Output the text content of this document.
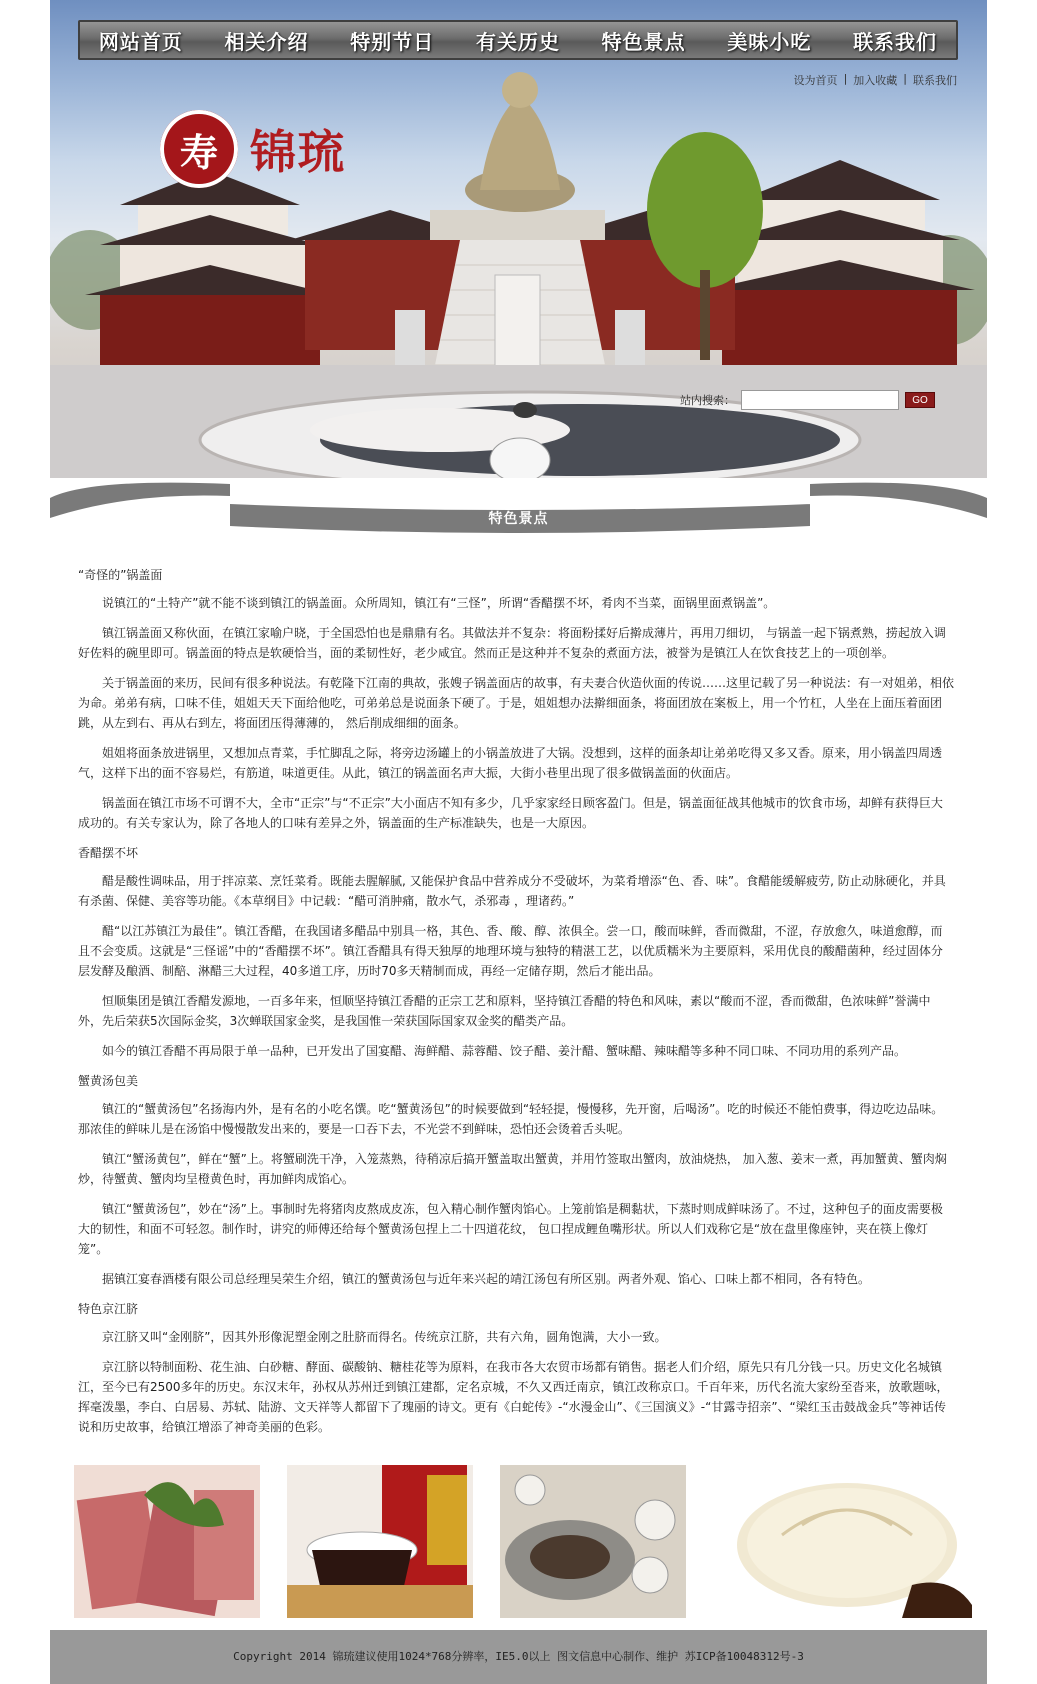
网站首页	相关介绍	特别节日	有关历史	特色景点	美味小吃	联系我们
设为首页 | 加入收藏 | 联系我们
寿 锦琉
站内搜索：	GO
特色景点
“奇怪的”锅盖面

说镇江的“土特产”就不能不谈到镇江的锅盖面。众所周知，镇江有“三怪”，所谓“香醋摆不坏，肴肉不当菜，面锅里面煮锅盖”。

镇江锅盖面又称伙面，在镇江家喻户晓，于全国恐怕也是鼎鼎有名。其做法并不复杂：将面粉揉好后擀成薄片，再用刀细切， 与锅盖一起下锅煮熟，捞起放入调好佐料的碗里即可。锅盖面的特点是软硬恰当，面的柔韧性好，老少咸宜。然而正是这种并不复杂的煮面方法，被誉为是镇江人在饮食技艺上的一项创举。

关于锅盖面的来历，民间有很多种说法。有乾隆下江南的典故，张嫂子锅盖面店的故事，有夫妻合伙造伙面的传说……这里记载了另一种说法：有一对姐弟，相依为命。弟弟有病，口味不佳，姐姐天天下面给他吃，可弟弟总是说面条下硬了。于是，姐姐想办法擀细面条，将面团放在案板上，用一个竹杠，人坐在上面压着面团跳，从左到右、再从右到左，将面团压得薄薄的， 然后削成细细的面条。

姐姐将面条放进锅里，又想加点青菜，手忙脚乱之际，将旁边汤罐上的小锅盖放进了大锅。没想到，这样的面条却让弟弟吃得又多又香。原来，用小锅盖四周透气，这样下出的面不容易烂，有筋道，味道更佳。从此，镇江的锅盖面名声大振，大街小巷里出现了很多做锅盖面的伙面店。

锅盖面在镇江市场不可谓不大，全市“正宗”与“不正宗”大小面店不知有多少，几乎家家经日顾客盈门。但是，锅盖面征战其他城市的饮食市场，却鲜有获得巨大成功的。有关专家认为，除了各地人的口味有差异之外，锅盖面的生产标准缺失，也是一大原因。

香醋摆不坏

醋是酸性调味品，用于拌凉菜、烹饪菜肴。既能去腥解腻, 又能保护食品中营养成分不受破坏，为菜肴增添“色、香、味”。食醋能缓解疲劳, 防止动脉硬化，并具有杀菌、保健、美容等功能。《本草纲目》中记载：“醋可消肿痛，散水气，杀邪毒 ，理诸药。”

醋“以江苏镇江为最佳”。镇江香醋，在我国诸多醋品中别具一格，其色、香、酸、醇、浓俱全。尝一口，酸而味鲜，香而微甜，不涩，存放愈久，味道愈醇，而且不会变质。这就是“三怪谣”中的“香醋摆不坏”。镇江香醋具有得天独厚的地理环境与独特的精湛工艺，以优质糯米为主要原料，采用优良的酸醋菌种，经过固体分层发酵及酿酒、制醅、淋醋三大过程，40多道工序，历时70多天精制而成，再经一定储存期，然后才能出品。

恒顺集团是镇江香醋发源地，一百多年来，恒顺坚持镇江香醋的正宗工艺和原料，坚持镇江香醋的特色和风味，素以“酸而不涩，香而微甜，色浓味鲜”誉满中外，先后荣获5次国际金奖，3次蝉联国家金奖，是我国惟一荣获国际国家双金奖的醋类产品。

如今的镇江香醋不再局限于单一品种，已开发出了国宴醋、海鲜醋、蒜蓉醋、饺子醋、姜汁醋、蟹味醋、辣味醋等多种不同口味、不同功用的系列产品。

蟹黄汤包美

镇江的“蟹黄汤包”名扬海内外，是有名的小吃名馔。吃“蟹黄汤包”的时候要做到“轻轻提，慢慢移，先开窗，后喝汤”。吃的时候还不能怕费事，得边吃边品味。那浓佳的鲜味儿是在汤馅中慢慢散发出来的，要是一口吞下去，不光尝不到鲜味，恐怕还会烫着舌头呢。

镇江“蟹汤黄包”，鲜在“蟹”上。将蟹刷洗干净，入笼蒸熟，待稍凉后搞开蟹盖取出蟹黄，并用竹签取出蟹肉，放油烧热， 加入葱、姜末一煮，再加蟹黄、蟹肉焖炒，待蟹黄、蟹肉均呈橙黄色时，再加鲜肉成馅心。

镇江“蟹黄汤包”，妙在“汤”上。事制时先将猪肉皮熬成皮冻，包入精心制作蟹肉馅心。上笼前馅是稠黏状，下蒸时则成鲜味汤了。不过，这种包子的面皮需要极大的韧性，和面不可轻忽。制作时，讲究的师傅还给每个蟹黄汤包捏上二十四道花纹， 包口捏成鲤鱼嘴形状。所以人们戏称它是“放在盘里像座钟，夹在筷上像灯笼”。

据镇江宴春酒楼有限公司总经理吴荣生介绍，镇江的蟹黄汤包与近年来兴起的靖江汤包有所区别。两者外观、馅心、口味上都不相同，各有特色。

特色京江脐

京江脐又叫“金刚脐”，因其外形像泥塑金刚之肚脐而得名。传统京江脐，共有六角，圆角饱满，大小一致。

京江脐以特制面粉、花生油、白砂糖、酵面、碳酸钠、糖桂花等为原料，在我市各大农贸市场都有销售。据老人们介绍，原先只有几分钱一只。历史文化名城镇江，至今已有2500多年的历史。东汉末年，孙权从苏州迁到镇江建都，定名京城，不久又西迁南京，镇江改称京口。千百年来，历代名流大家纷至沓来，放歌题咏，挥毫泼墨，李白、白居易、苏轼、陆游、文天祥等人都留下了瑰丽的诗文。更有《白蛇传》-“水漫金山”、《三国演义》-“甘露寺招亲”、“梁红玉击鼓战金兵”等神话传说和历史故事，给镇江增添了神奇美丽的色彩。

Copyright 2014 锦琉建议使用1024*768分辨率，IE5.0以上 图文信息中心制作、维护 苏ICP备10048312号-3
